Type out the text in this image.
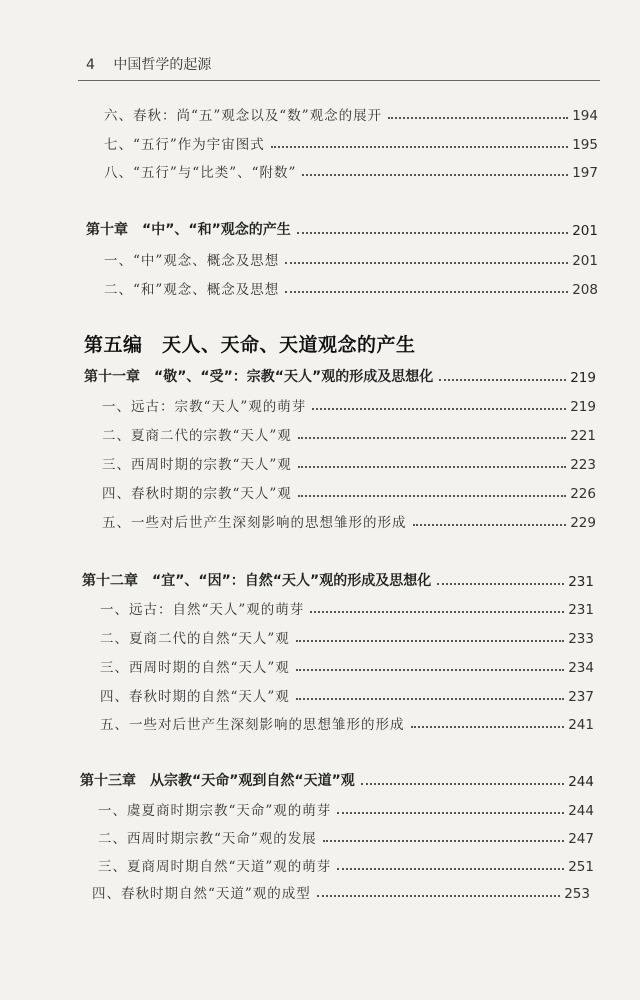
4 中国哲学的起源
六、春秋：尚“五”观念以及“数”观念的展开	194
七、“五行”作为宇宙图式	195
八、“五行”与“比类”、“附数”	197
第十章　“中”、“和”观念的产生	201
一、“中”观念、概念及思想	201
二、“和”观念、概念及思想	208
第五编　天人、天命、天道观念的产生
第十一章　“敬”、“受”：宗教“天人”观的形成及思想化	219
一、远古：宗教“天人”观的萌芽	219
二、夏商二代的宗教“天人”观	221
三、西周时期的宗教“天人”观	223
四、春秋时期的宗教“天人”观	226
五、一些对后世产生深刻影响的思想雏形的形成	229
第十二章　“宜”、“因”：自然“天人”观的形成及思想化	231
一、远古：自然“天人”观的萌芽	231
二、夏商二代的自然“天人”观	233
三、西周时期的自然“天人”观	234
四、春秋时期的自然“天人”观	237
五、一些对后世产生深刻影响的思想雏形的形成	241
第十三章　从宗教“天命”观到自然“天道”观	244
一、虞夏商时期宗教“天命”观的萌芽	244
二、西周时期宗教“天命”观的发展	247
三、夏商周时期自然“天道”观的萌芽	251
四、春秋时期自然“天道”观的成型	253
